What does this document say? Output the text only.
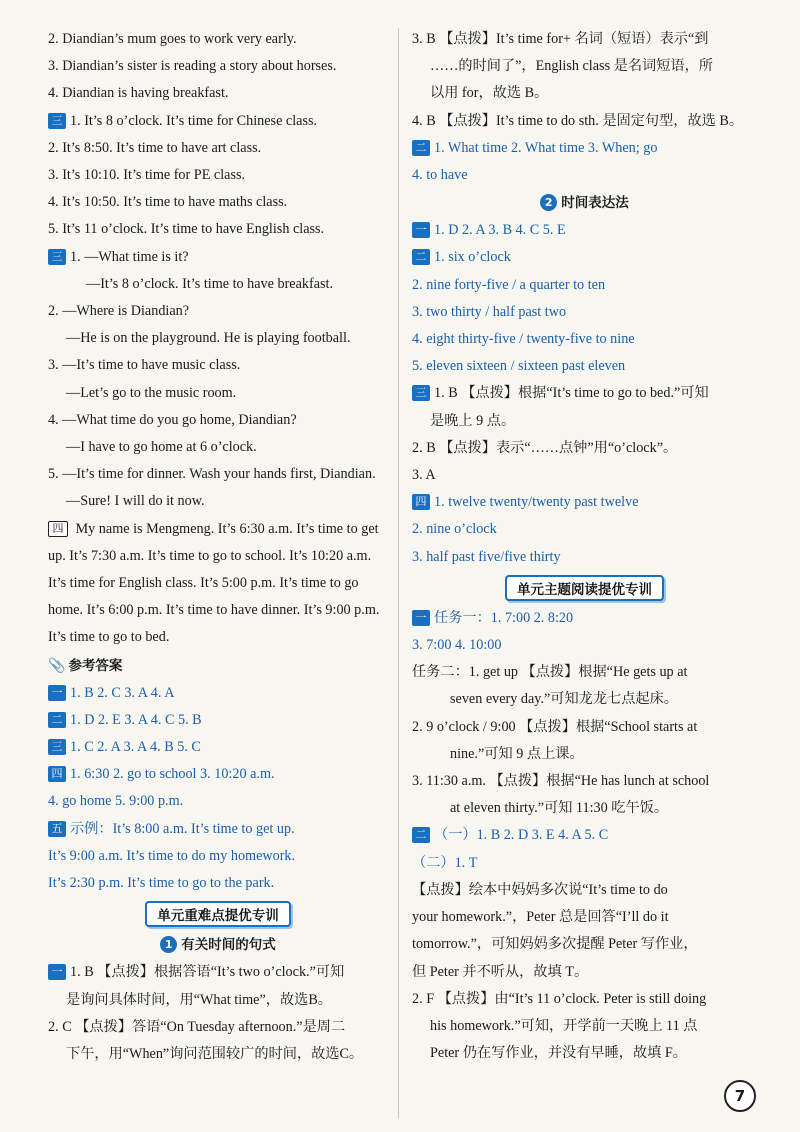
2. Diandian’s mum goes to work very early.
3. Diandian’s sister is reading a story about horses.
4. Diandian is having breakfast.
三 1. It’s 8 o’clock. It’s time for Chinese class.
2. It’s 8:50. It’s time to have art class.
3. It’s 10:10. It’s time for PE class.
4. It’s 10:50. It’s time to have maths class.
5. It’s 11 o’clock. It’s time to have English class.
三 1. —What time is it?
—It’s 8 o’clock. It’s time to have breakfast.
2. —Where is Diandian?
—He is on the playground. He is playing football.
3. —It’s time to have music class.
—Let’s go to the music room.
4. —What time do you go home, Diandian?
—I have to go home at 6 o’clock.
5. —It’s time for dinner. Wash your hands first, Diandian.
—Sure! I will do it now.
四 My name is Mengmeng. It’s 6:30 a.m. It’s time to get up. It’s 7:30 a.m. It’s time to go to school. It’s 10:20 a.m. It’s time for English class. It’s 5:00 p.m. It’s time to go home. It’s 6:00 p.m. It’s time to have dinner. It’s 9:00 p.m. It’s time to go to bed.
📎 参考答案
一 1. B 2. C 3. A 4. A
二 1. D 2. E 3. A 4. C 5. B
三 1. C 2. A 3. A 4. B 5. C
四 1. 6:30 2. go to school 3. 10:20 a.m.
4. go home 5. 9:00 p.m.
五 示例：It’s 8:00 a.m. It’s time to get up.
It’s 9:00 a.m. It’s time to do my homework.
It’s 2:30 p.m. It’s time to go to the park.
单元重难点提优专训
1 有关时间的句式
一 1. B 【点拨】根据答语“It’s two o’clock.”可知
是询问具体时间，用“What time”，故选B。
2. C 【点拨】答语“On Tuesday afternoon.”是周二
下午，用“When”询问范围较广的时间，故选C。
3. B 【点拨】It’s time for+ 名词（短语）表示“到
……的时间了”，English class 是名词短语，所
以用 for，故选 B。
4. B 【点拨】It’s time to do sth. 是固定句型，故选 B。
二 1. What time 2. What time 3. When; go
4. to have
2 时间表达法
一 1. D 2. A 3. B 4. C 5. E
二 1. six o’clock
2. nine forty-five / a quarter to ten
3. two thirty / half past two
4. eight thirty-five / twenty-five to nine
5. eleven sixteen / sixteen past eleven
三 1. B 【点拨】根据“It’s time to go to bed.”可知
是晚上 9 点。
2. B 【点拨】表示“……点钟”用“o’clock”。
3. A
四 1. twelve twenty/twenty past twelve
2. nine o’clock
3. half past five/five thirty
单元主题阅读提优专训
一 任务一：1. 7:00 2. 8:20
3. 7:00 4. 10:00
任务二：1. get up 【点拨】根据“He gets up at
seven every day.”可知龙龙七点起床。
2. 9 o’clock / 9:00 【点拨】根据“School starts at
nine.”可知 9 点上课。
3. 11:30 a.m. 【点拨】根据“He has lunch at school
at eleven thirty.”可知 11:30 吃午饭。
二 （一）1. B 2. D 3. E 4. A 5. C
（二）1. T
【点拨】绘本中妈妈多次说“It’s time to do
your homework.”，Peter 总是回答“I’ll do it
tomorrow.”，可知妈妈多次提醒 Peter 写作业，
但 Peter 并不听从，故填 T。
2. F 【点拨】由“It’s 11 o’clock. Peter is still doing
his homework.”可知，开学前一天晚上 11 点
Peter 仍在写作业，并没有早睡，故填 F。
7
